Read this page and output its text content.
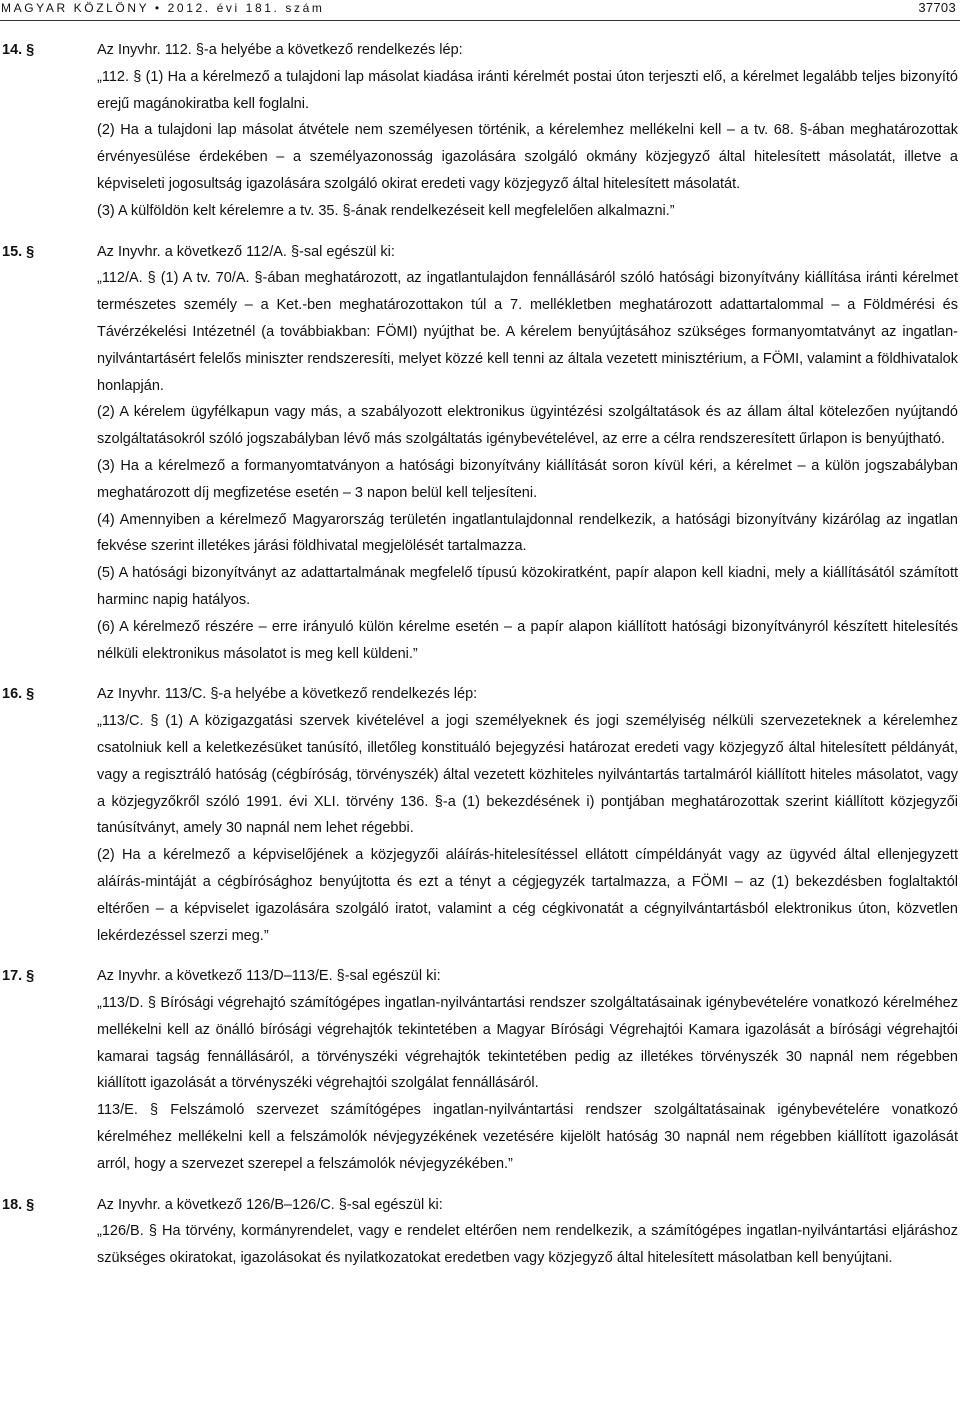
MAGYAR KÖZLÖNY • 2012. évi 181. szám	37703
14. §	Az Inyvhr. 112. §-a helyébe a következő rendelkezés lép:
„112. § (1) Ha a kérelmező a tulajdoni lap másolat kiadása iránti kérelmét postai úton terjeszti elő, a kérelmet legalább teljes bizonyító erejű magánokiratba kell foglalni.
(2) Ha a tulajdoni lap másolat átvétele nem személyesen történik, a kérelemhez mellékelni kell – a tv. 68. §-ában meghatározottak érvényesülése érdekében – a személyazonosság igazolására szolgáló okmány közjegyző által hitelesített másolatát, illetve a képviseleti jogosultság igazolására szolgáló okirat eredeti vagy közjegyző által hitelesített másolatát.
(3) A külföldön kelt kérelemre a tv. 35. §-ának rendelkezéseit kell megfelelően alkalmazni.”
15. §	Az Inyvhr. a következő 112/A. §-sal egészül ki:
„112/A. § (1) A tv. 70/A. §-ában meghatározott, az ingatlantulajdon fennállásáról szóló hatósági bizonyítvány kiállítása iránti kérelmet természetes személy – a Ket.-ben meghatározottakon túl a 7. mellékletben meghatározott adattartalommal – a Földmérési és Távérzékelési Intézetnél (a továbbiakban: FÖMI) nyújthat be. A kérelem benyújtásához szükséges formanyomtatványt az ingatlan-nyilvántartásért felelős miniszter rendszeresíti, melyet közzé kell tenni az általa vezetett minisztérium, a FÖMI, valamint a földhivatalok honlapján.
(2) A kérelem ügyfélkapun vagy más, a szabályozott elektronikus ügyintézési szolgáltatások és az állam által kötelezően nyújtandó szolgáltatásokról szóló jogszabályban lévő más szolgáltatás igénybevételével, az erre a célra rendszeresített űrlapon is benyújtható.
(3) Ha a kérelmező a formanyomtatványon a hatósági bizonyítvány kiállítását soron kívül kéri, a kérelmet – a külön jogszabályban meghatározott díj megfizetése esetén – 3 napon belül kell teljesíteni.
(4) Amennyiben a kérelmező Magyarország területén ingatlantulajdonnal rendelkezik, a hatósági bizonyítvány kizárólag az ingatlan fekvése szerint illetékes járási földhivatal megjelölését tartalmazza.
(5) A hatósági bizonyítványt az adattartalmának megfelelő típusú közokiratként, papír alapon kell kiadni, mely a kiállításától számított harminc napig hatályos.
(6) A kérelmező részére – erre irányuló külön kérelme esetén – a papír alapon kiállított hatósági bizonyítványról készített hitelesítés nélküli elektronikus másolatot is meg kell küldeni.”
16. §	Az Inyvhr. 113/C. §-a helyébe a következő rendelkezés lép:
„113/C. § (1) A közigazgatási szervek kivételével a jogi személyeknek és jogi személyiség nélküli szervezeteknek a kérelemhez csatolniuk kell a keletkezésüket tanúsító, illetőleg konstituáló bejegyzési határozat eredeti vagy közjegyző által hitelesített példányát, vagy a regisztráló hatóság (cégbíróság, törvényszék) által vezetett közhiteles nyilvántartás tartalmáról kiállított hiteles másolatot, vagy a közjegyzőkről szóló 1991. évi XLI. törvény 136. §-a (1) bekezdésének i) pontjában meghatározottak szerint kiállított közjegyzői tanúsítványt, amely 30 napnál nem lehet régebbi.
(2) Ha a kérelmező a képviselőjének a közjegyzői aláírás-hitelesítéssel ellátott címpéldányát vagy az ügyvéd által ellenjegyzett aláírás-mintáját a cégbírósághoz benyújtotta és ezt a tényt a cégjegyzék tartalmazza, a FÖMI – az (1) bekezdésben foglaltaktól eltérően – a képviselet igazolására szolgáló iratot, valamint a cég cégkivonatát a cégnyilvántartásból elektronikus úton, közvetlen lekérdezéssel szerzi meg.”
17. §	Az Inyvhr. a következő 113/D–113/E. §-sal egészül ki:
„113/D. § Bírósági végrehajtó számítógépes ingatlan-nyilvántartási rendszer szolgáltatásainak igénybevételére vonatkozó kérelméhez mellékelni kell az önálló bírósági végrehajtók tekintetében a Magyar Bírósági Végrehajtói Kamara igazolását a bírósági végrehajtói kamarai tagság fennállásáról, a törvényszéki végrehajtók tekintetében pedig az illetékes törvényszék 30 napnál nem régebben kiállított igazolását a törvényszéki végrehajtói szolgálat fennállásáról.
113/E. § Felszámoló szervezet számítógépes ingatlan-nyilvántartási rendszer szolgáltatásainak igénybevételére vonatkozó kérelméhez mellékelni kell a felszámolók névjegyzékének vezetésére kijelölt hatóság 30 napnál nem régebben kiállított igazolását arról, hogy a szervezet szerepel a felszámolók névjegyzékében.”
18. §	Az Inyvhr. a következő 126/B–126/C. §-sal egészül ki:
„126/B. § Ha törvény, kormányrendelet, vagy e rendelet eltérően nem rendelkezik, a számítógépes ingatlan-nyilvántartási eljáráshoz szükséges okiratokat, igazolásokat és nyilatkozatokat eredetben vagy közjegyző által hitelesített másolatban kell benyújtani.
